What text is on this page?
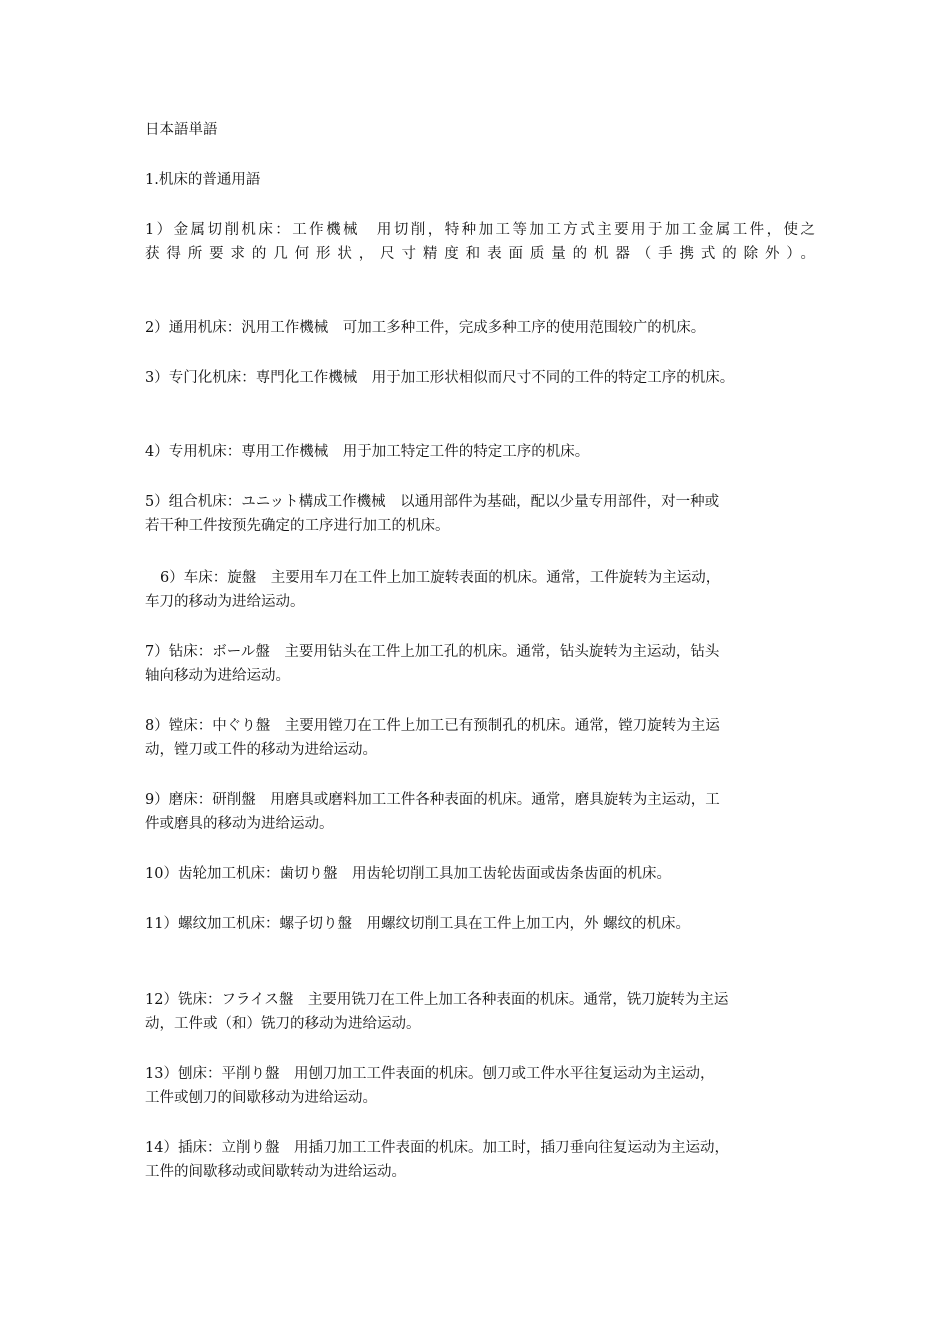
日本語単語
1.机床的普通用語
1）金属切削机床：工作機械　用切削，特种加工等加工方式主要用于加工金属工件，使之
获得所要求的几何形状，尺寸精度和表面质量的机器（手携式的除外）。
2）通用机床：汎用工作機械　可加工多种工件，完成多种工序的使用范围较广的机床。
3）专门化机床：専門化工作機械　用于加工形状相似而尺寸不同的工件的特定工序的机床。
4）专用机床：専用工作機械　用于加工特定工件的特定工序的机床。
5）组合机床：ユニット構成工作機械　以通用部件为基础，配以少量专用部件，对一种或
若干种工件按预先确定的工序进行加工的机床。
6）车床：旋盤　主要用车刀在工件上加工旋转表面的机床。通常，工件旋转为主运动，
车刀的移动为进给运动。
7）钻床：ボール盤　主要用钻头在工件上加工孔的机床。通常，钻头旋转为主运动，钻头
轴向移动为进给运动。
8）镗床：中ぐり盤　主要用镗刀在工件上加工已有预制孔的机床。通常，镗刀旋转为主运
动，镗刀或工件的移动为进给运动。
9）磨床：研削盤　用磨具或磨料加工工件各种表面的机床。通常，磨具旋转为主运动，工
件或磨具的移动为进给运动。
10）齿轮加工机床：歯切り盤　用齿轮切削工具加工齿轮齿面或齿条齿面的机床。
11）螺纹加工机床：螺子切り盤　用螺纹切削工具在工件上加工内，外 螺纹的机床。
12）铣床：フライス盤　主要用铣刀在工件上加工各种表面的机床。通常，铣刀旋转为主运
动，工件或（和）铣刀的移动为进给运动。
13）刨床：平削り盤　用刨刀加工工件表面的机床。刨刀或工件水平往复运动为主运动，
工件或刨刀的间歇移动为进给运动。
14）插床：立削り盤　用插刀加工工件表面的机床。加工时，插刀垂向往复运动为主运动，
工件的间歇移动或间歇转动为进给运动。
